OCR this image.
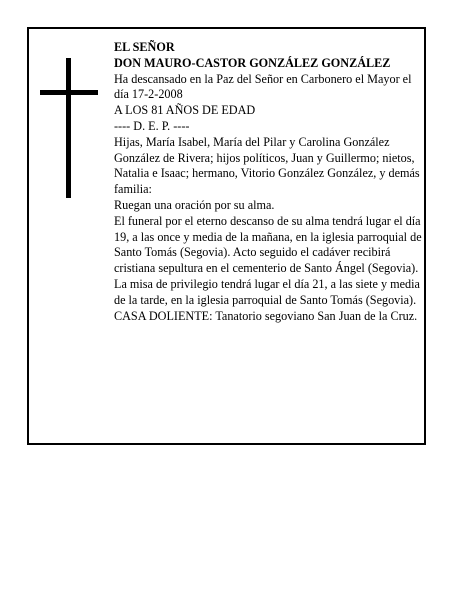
EL SEÑOR

DON MAURO-CASTOR GONZÁLEZ GONZÁLEZ

Ha descansado en la Paz del Señor en Carbonero el Mayor el día 17-2-2008

A LOS 81 AÑOS DE EDAD

---- D. E. P. ----

Hijas, María Isabel, María del Pilar y Carolina González González de Rivera; hijos políticos, Juan y Guillermo; nietos, Natalia e Isaac; hermano, Vitorio González González, y demás familia:

Ruegan una oración por su alma.

El funeral por el eterno descanso de su alma tendrá lugar el día 19, a las once y media de la mañana, en la iglesia parroquial de Santo Tomás (Segovia). Acto seguido el cadáver recibirá cristiana sepultura en el cementerio de Santo Ángel (Segovia). La misa de privilegio tendrá lugar el día 21, a las siete y media de la tarde, en la iglesia parroquial de Santo Tomás (Segovia).

CASA DOLIENTE: Tanatorio segoviano San Juan de la Cruz.
